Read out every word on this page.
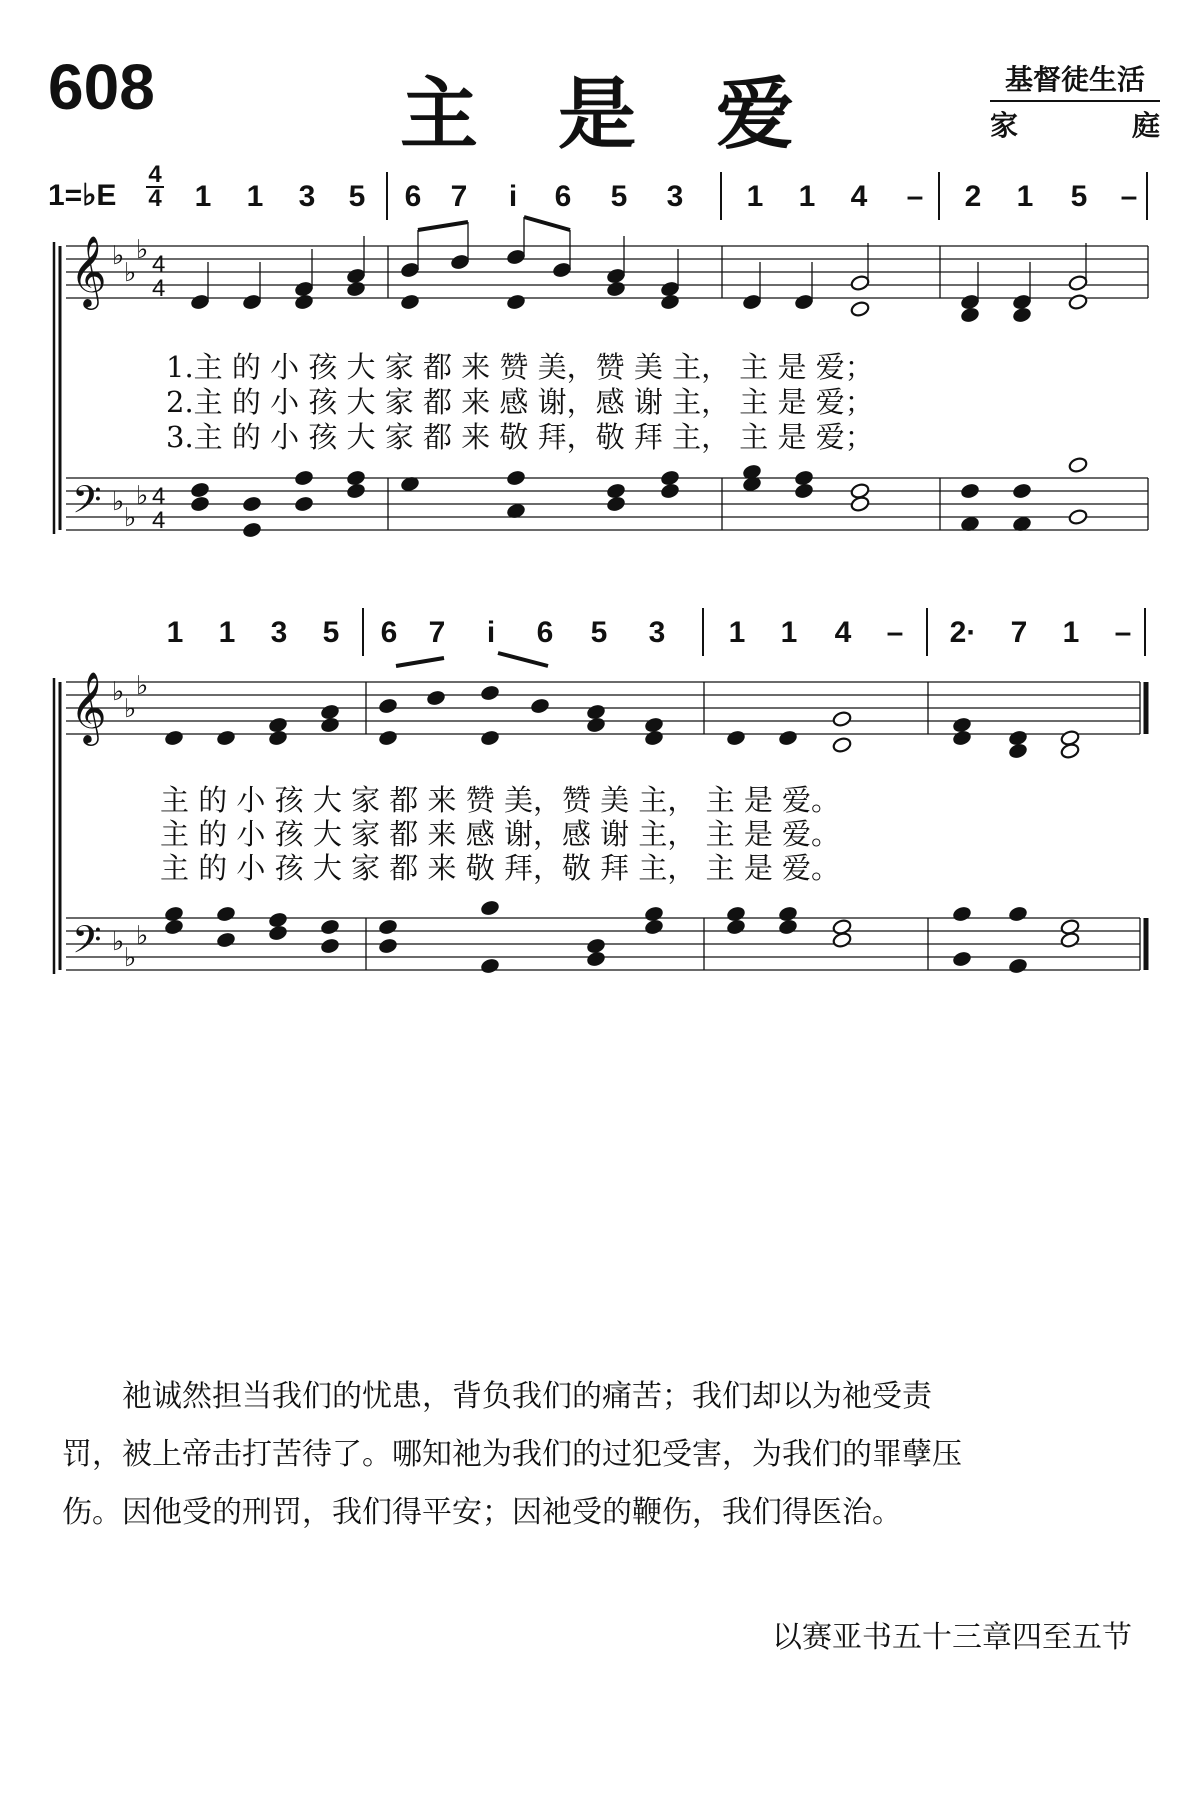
608	主是爱	基督徒生活
家	庭
1=♭E
4
4 1 1 3 5 6 7	i	6 5 3 1 1 4 – 2 1 5 –
1 1 3 5 6 7	i	6 5 3 1 1 4 – 2· 7 1 –
𝄞
𝄢
♭
♭
♭
♭
♭
♭
4
4
4
4
𝄞
𝄢
♭
♭
♭
♭
♭
♭
1.主 的 小 孩 大 家 都 来 赞 美，赞 美 主， 主 是 爱；
2.主 的 小 孩 大 家 都 来 感 谢，感 谢 主， 主 是 爱；
3.主 的 小 孩 大 家 都 来 敬 拜，敬 拜 主， 主 是 爱；
主 的 小 孩 大 家 都 来 赞 美，赞 美 主， 主 是 爱。
主 的 小 孩 大 家 都 来 感 谢，感 谢 主， 主 是 爱。
主 的 小 孩 大 家 都 来 敬 拜，敬 拜 主， 主 是 爱。
　　祂诚然担当我们的忧患，背负我们的痛苦；我们却以为祂受责
罚，被上帝击打苦待了。哪知祂为我们的过犯受害，为我们的罪孽压
伤。因他受的刑罚，我们得平安；因祂受的鞭伤，我们得医治。
以赛亚书五十三章四至五节
